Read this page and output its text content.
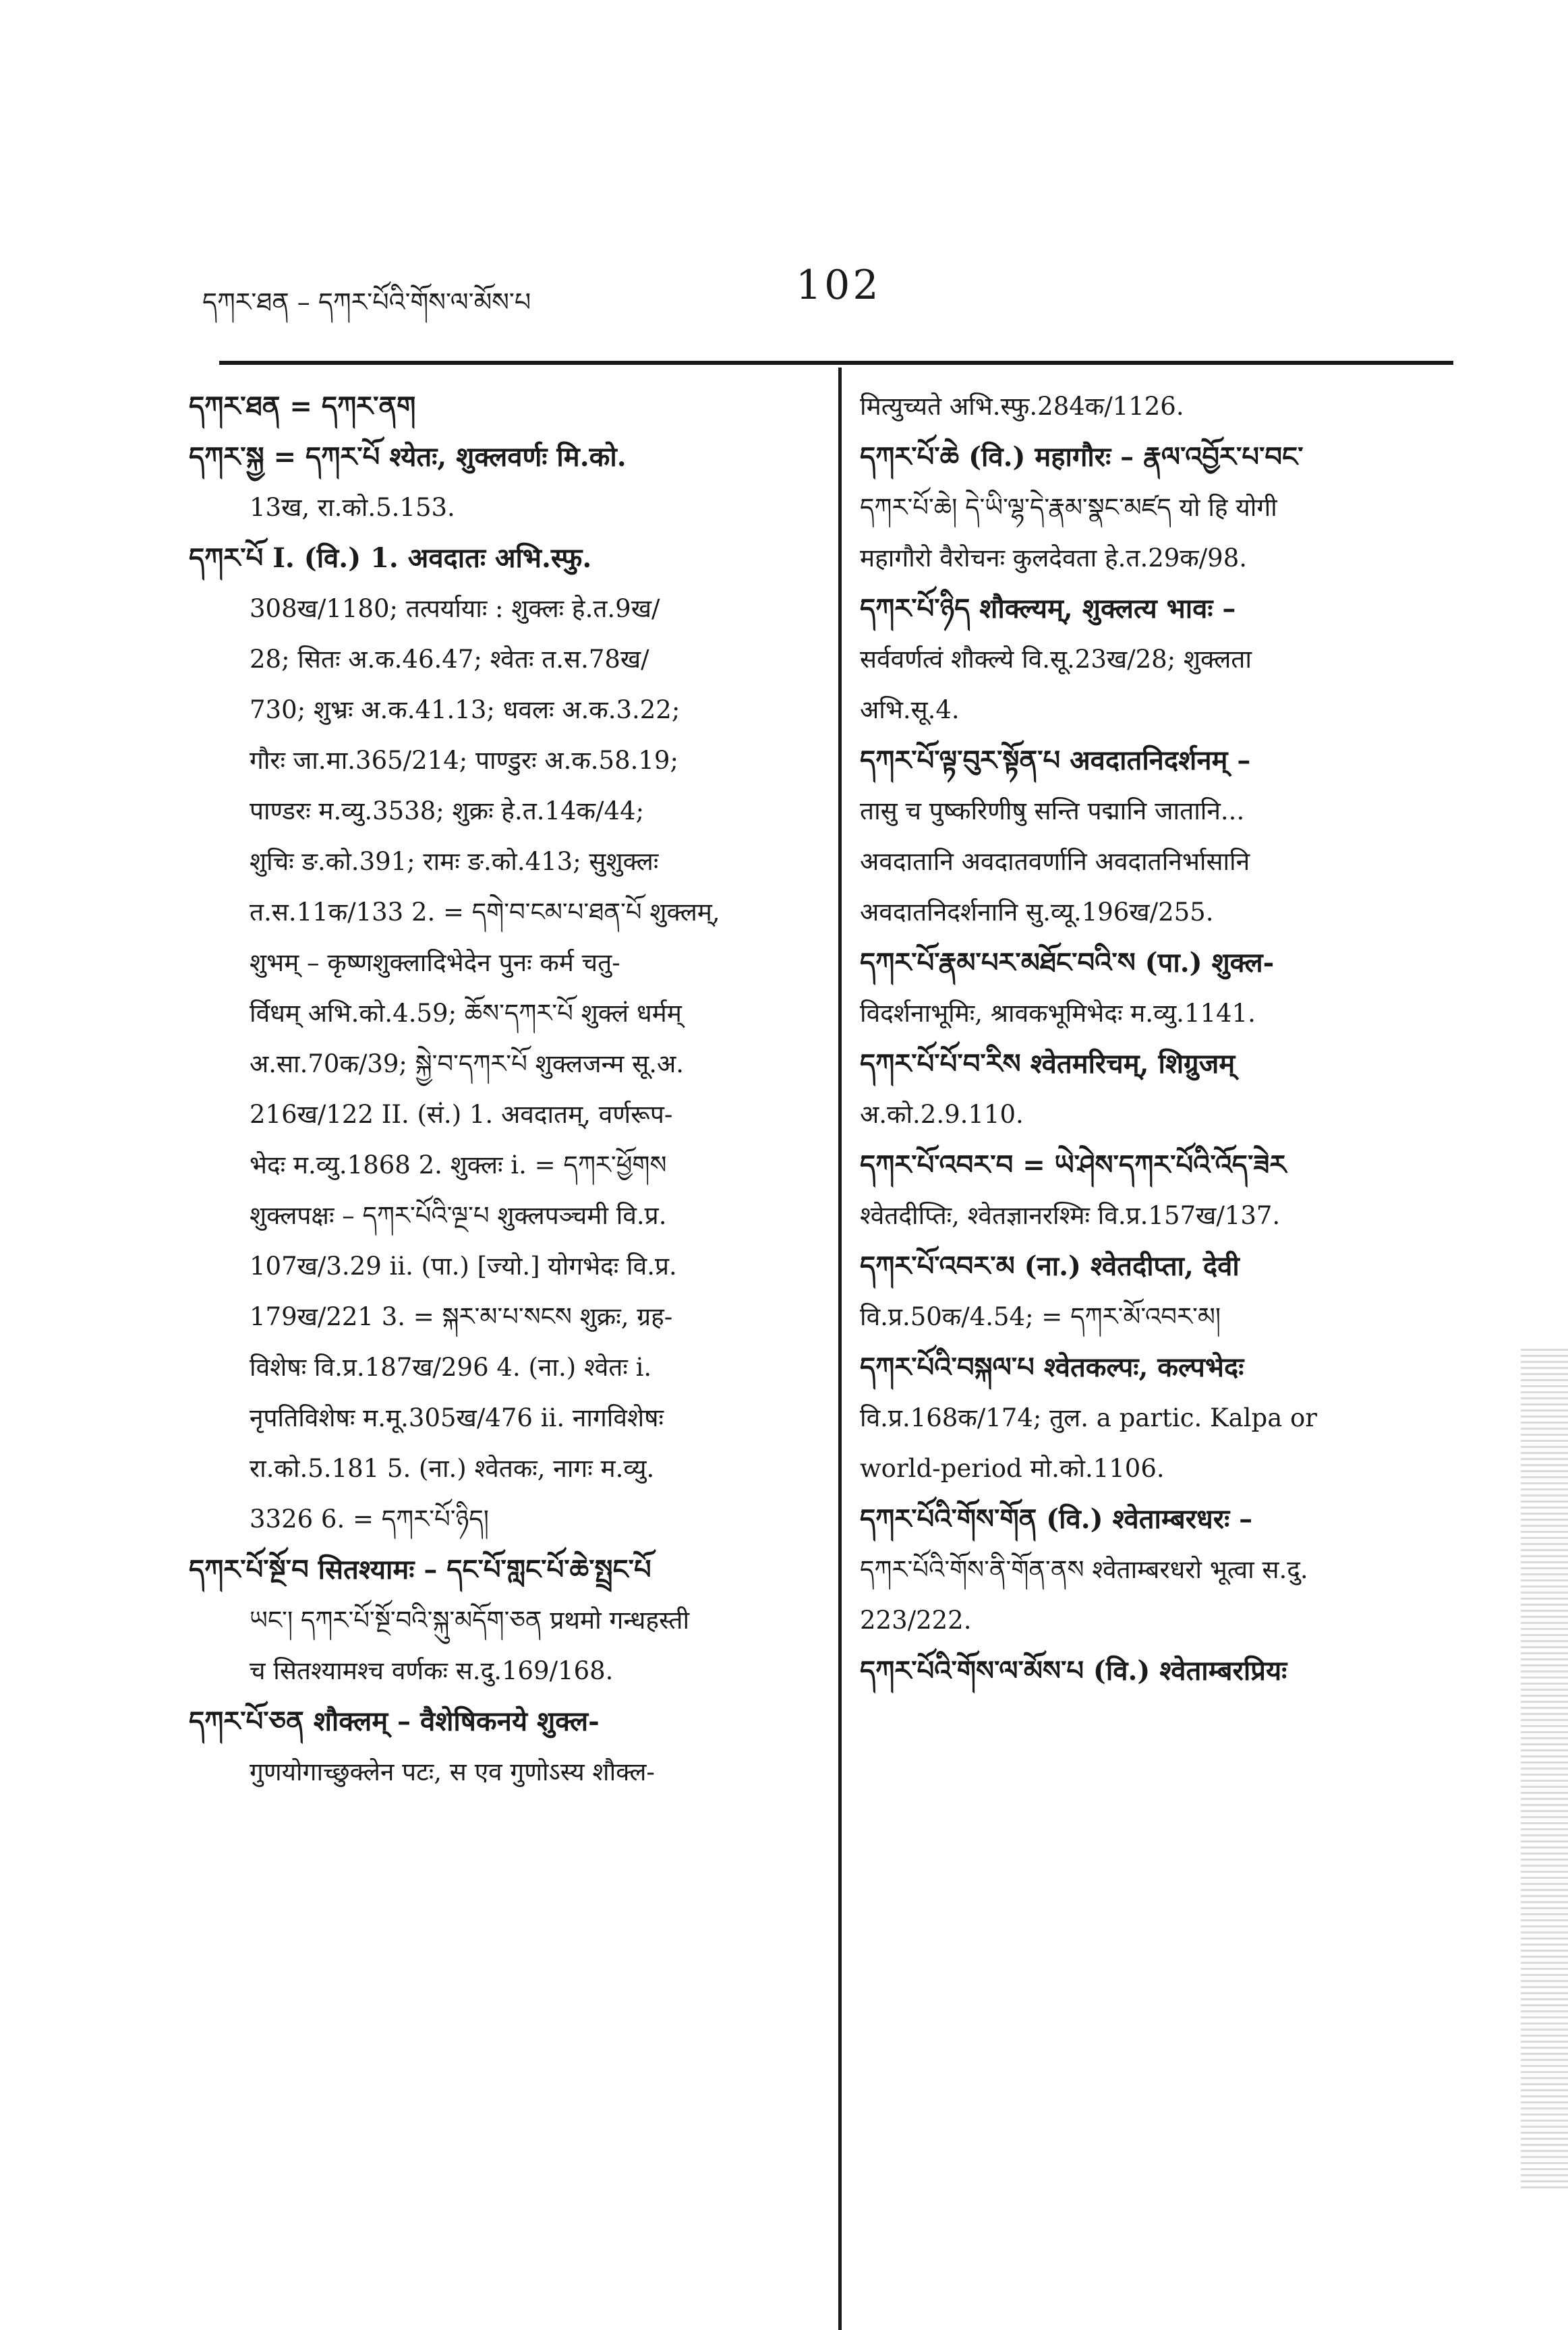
དཀར་ཐན – དཀར་པོའི་གོས་ལ་མོས་པ	102
དཀར་ཐན = དཀར་ནག
དཀར་སྐྱ = དཀར་པོ श्येतः, शुक्लवर्णः मि.को.
13ख, रा.को.5.153.
དཀར་པོ I. (वि.) 1. अवदातः अभि.स्फु.
308ख/1180; तत्पर्यायाः : शुक्लः हे.त.9ख/
28; सितः अ.क.46.47; श्वेतः त.स.78ख/
730; शुभ्रः अ.क.41.13; धवलः अ.क.3.22;
गौरः जा.मा.365/214; पाण्डुरः अ.क.58.19;
पाण्डरः म.व्यु.3538; शुक्रः हे.त.14क/44;
शुचिः ङ.को.391; रामः ङ.को.413; सुशुक्लः
त.स.11क/133 2. = དགེ་བ་ངམ་པ་ཐན་པོ शुक्लम्,
शुभम् – कृष्णशुक्लादिभेदेन पुनः कर्म चतु-
र्विधम् अभि.को.4.59; ཆོས་དཀར་པོ शुक्लं धर्मम्
अ.सा.70क/39; སྐྱེ་བ་དཀར་པོ शुक्लजन्म सू.अ.
216ख/122 II. (सं.) 1. अवदातम्, वर्णरूप-
भेदः म.व्यु.1868 2. शुक्लः i. = དཀར་ཕྱོགས
शुक्लपक्षः – དཀར་པོའི་ལྔ་པ शुक्लपञ्चमी वि.प्र.
107ख/3.29 ii. (पा.) [ज्यो.] योगभेदः वि.प्र.
179ख/221 3. = སྐར་མ་པ་སངས शुक्रः, ग्रह-
विशेषः वि.प्र.187ख/296 4. (ना.) श्वेतः i.
नृपतिविशेषः म.मू.305ख/476 ii. नागविशेषः
रा.को.5.181 5. (ना.) श्वेतकः, नागः म.व्यु.
3326 6. = དཀར་པོ་ཉིད།
དཀར་པོ་སྔོ་བ सितश्यामः – དང་པོ་གླང་པོ་ཆེ་སྤྲང་པོ
ཡང་། དཀར་པོ་སྔོ་བའི་སྐུ་མདོག་ཅན प्रथमो गन्धहस्ती
च सितश्यामश्च वर्णकः स.दु.169/168.
དཀར་པོ་ཅན शौक्लम् – वैशेषिकनये शुक्ल-
गुणयोगाच्छुक्लेन पटः, स एव गुणोऽस्य शौक्ल-
मित्युच्यते अभि.स्फु.284क/1126.
དཀར་པོ་ཆེ (वि.) महागौरः – རྣལ་འབྱོར་པ་བང་
དཀར་པོ་ཆེ། དེ་ཡི་ལྷ་དེ་རྣམ་སྣང་མཛད यो हि योगी
महागौरो वैरोचनः कुलदेवता हे.त.29क/98.
དཀར་པོ་ཉིད शौक्ल्यम्, शुक्लत्य भावः –
सर्ववर्णत्वं शौक्ल्ये वि.सू.23ख/28; शुक्लता
अभि.सू.4.
དཀར་པོ་ལྟ་བུར་སྟོན་པ अवदातनिदर्शनम् –
तासु च पुष्करिणीषु सन्ति पद्मानि जातानि...
अवदातानि अवदातवर्णानि अवदातनिर्भासानि
अवदातनिदर्शनानि सु.व्यू.196ख/255.
དཀར་པོ་རྣམ་པར་མཐོང་བའི་ས (पा.) शुक्ल-
विदर्शनाभूमिः, श्रावकभूमिभेदः म.व्यु.1141.
དཀར་པོ་པོ་བ་རིས श्वेतमरिचम्, शिग्रुजम्
अ.को.2.9.110.
དཀར་པོ་འབར་བ = ཡེ་ཤེས་དཀར་པོའི་འོད་ཟེར
श्वेतदीप्तिः, श्वेतज्ञानरश्मिः वि.प्र.157ख/137.
དཀར་པོ་འབར་མ (ना.) श्वेतदीप्ता, देवी
वि.प्र.50क/4.54; = དཀར་མོ་འབར་མ།
དཀར་པོའི་བསྐལ་པ श्वेतकल्पः, कल्पभेदः
वि.प्र.168क/174; तुल. a partic. Kalpa or
world-period मो.को.1106.
དཀར་པོའི་གོས་གོན (वि.) श्वेताम्बरधरः –
དཀར་པོའི་གོས་ནི་གོན་ནས श्वेताम्बरधरो भूत्वा स.दु.
223/222.
དཀར་པོའི་གོས་ལ་མོས་པ (वि.) श्वेताम्बरप्रियः
